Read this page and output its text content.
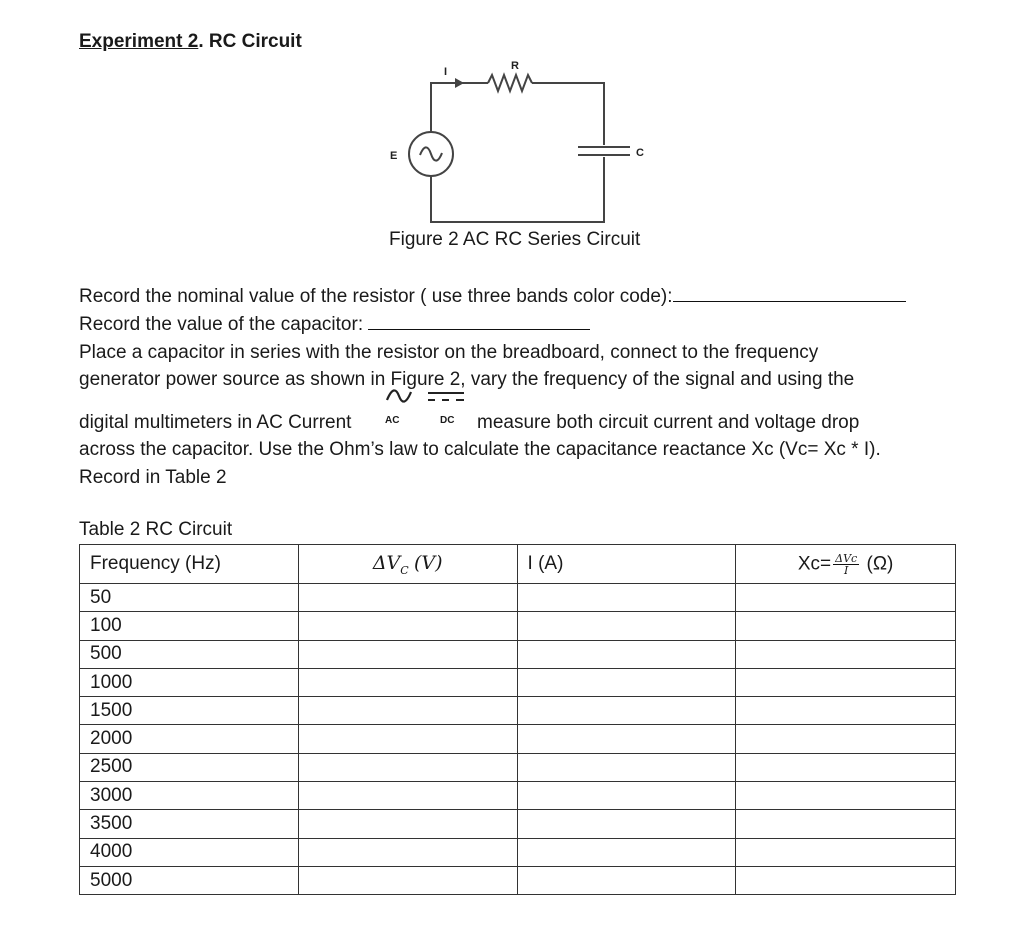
Experiment 2. RC Circuit
I	R
E	C
Figure 2 AC RC Series Circuit
Record the nominal value of the resistor ( use three bands color code):
Record the value of the capacitor:
Place a capacitor in series with the resistor on the breadboard, connect to the frequency
generator power source as shown in Figure 2, vary the frequency of the signal and using the
AC	DC
digital multimeters in AC Current	measure both circuit current and voltage drop
across the capacitor. Use the Ohm’s law to calculate the capacitance reactance Xc (Vc= Xc * I).
Record in Table 2
Table 2 RC Circuit
Frequency (Hz)	$\Delta V_C$ (V)	I (A)	$Xc= \frac{\text{ΔVc}}{I} (\Omega)$
50			
100			
500			
1000			
1500			
2000			
2500			
3000			
3500			
4000			
5000			
